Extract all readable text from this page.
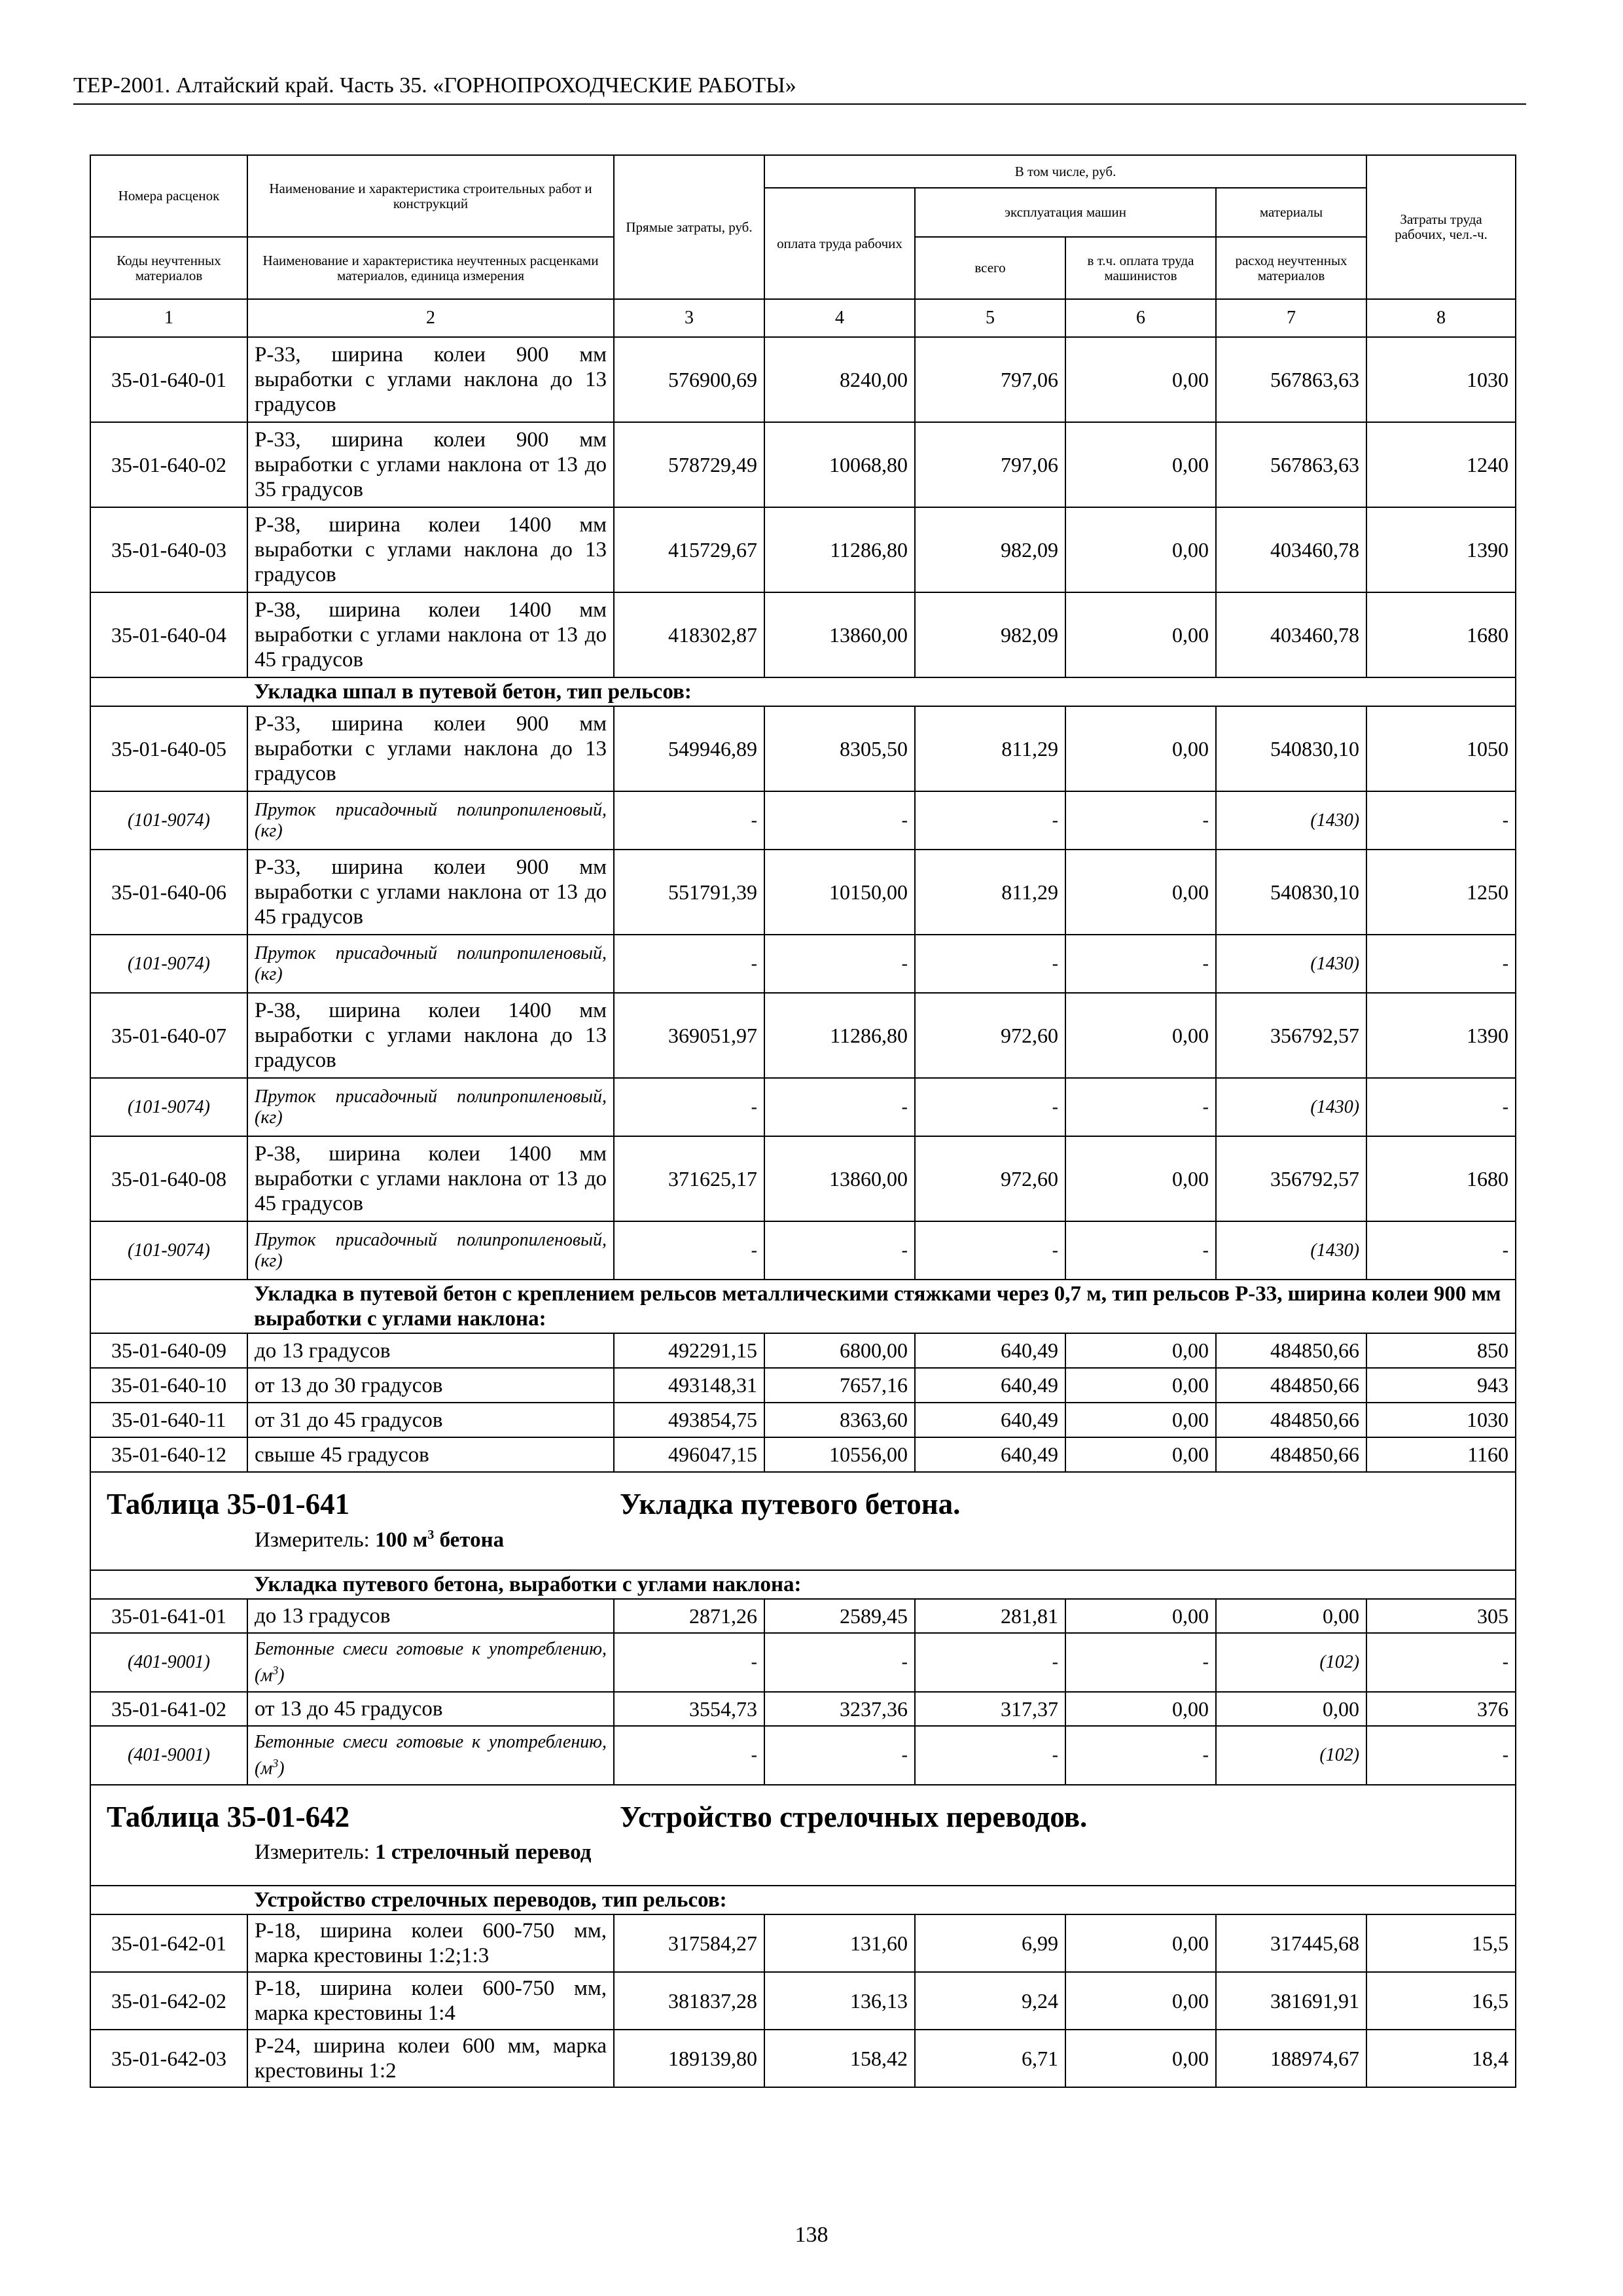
ТЕР-2001. Алтайский край. Часть 35. «ГОРНОПРОХОДЧЕСКИЕ РАБОТЫ»
Номера расценок	Наименование и характеристика строительных работ и конструкций	Прямые затраты, руб.	В том числе, руб.				Затраты труда рабочих, чел.-ч.
			оплата труда рабочих	эксплуатация машин		материалы	
Коды неучтенных материалов	Наименование и характеристика неучтенных расценками материалов, единица измерения			всего	в т.ч. оплата труда машинистов	расход неучтенных материалов	
1	2	3	4	5	6	7	8
35-01-640-01	Р-33, ширина колеи 900 мм выработки с углами наклона до 13 градусов	576900,69	8240,00	797,06	0,00	567863,63	1030
35-01-640-02	Р-33, ширина колеи 900 мм выработки с углами наклона от 13 до 35 градусов	578729,49	10068,80	797,06	0,00	567863,63	1240
35-01-640-03	Р-38, ширина колеи 1400 мм выработки с углами наклона до 13 градусов	415729,67	11286,80	982,09	0,00	403460,78	1390
35-01-640-04	Р-38, ширина колеи 1400 мм выработки с углами наклона от 13 до 45 градусов	418302,87	13860,00	982,09	0,00	403460,78	1680
	Укладка шпал в путевой бетон, тип рельсов:						
35-01-640-05	Р-33, ширина колеи 900 мм выработки с углами наклона до 13 градусов	549946,89	8305,50	811,29	0,00	540830,10	1050
(101-9074)	Пруток присадочный полипропиленовый, (кг)	-	-	-	-	(1430)	-
35-01-640-06	Р-33, ширина колеи 900 мм выработки с углами наклона от 13 до 45 градусов	551791,39	10150,00	811,29	0,00	540830,10	1250
(101-9074)	Пруток присадочный полипропиленовый, (кг)	-	-	-	-	(1430)	-
35-01-640-07	Р-38, ширина колеи 1400 мм выработки с углами наклона до 13 градусов	369051,97	11286,80	972,60	0,00	356792,57	1390
(101-9074)	Пруток присадочный полипропиленовый, (кг)	-	-	-	-	(1430)	-
35-01-640-08	Р-38, ширина колеи 1400 мм выработки с углами наклона от 13 до 45 градусов	371625,17	13860,00	972,60	0,00	356792,57	1680
(101-9074)	Пруток присадочный полипропиленовый, (кг)	-	-	-	-	(1430)	-
	Укладка в путевой бетон с креплением рельсов металлическими стяжками через 0,7 м, тип рельсов Р-33, ширина колеи 900 мм выработки с углами наклона:						
35-01-640-09	до 13 градусов	492291,15	6800,00	640,49	0,00	484850,66	850
35-01-640-10	от 13 до 30 градусов	493148,31	7657,16	640,49	0,00	484850,66	943
35-01-640-11	от 31 до 45 градусов	493854,75	8363,60	640,49	0,00	484850,66	1030
35-01-640-12	свыше 45 градусов	496047,15	10556,00	640,49	0,00	484850,66	1160

Таблица 35-01-641 Укладка путевого бетона.
Измеритель: 100 $м^3$ бетона							

	Укладка путевого бетона, выработки с углами наклона:						
35-01-641-01	до 13 градусов	2871,26	2589,45	281,81	0,00	0,00	305
(401-9001)	Бетонные смеси готовые к употреблению, $(м^3)$	-	-	-	-	(102)	-
35-01-641-02	от 13 до 45 градусов	3554,73	3237,36	317,37	0,00	0,00	376
(401-9001)	Бетонные смеси готовые к употреблению, $(м^3)$	-	-	-	-	(102)	-

Таблица 35-01-642 Устройство стрелочных переводов.
Измеритель: 1 стрелочный перевод							

	Устройство стрелочных переводов, тип рельсов:						
35-01-642-01	Р-18, ширина колеи 600-750 мм, марка крестовины 1:2;1:3	317584,27	131,60	6,99	0,00	317445,68	15,5
35-01-642-02	Р-18, ширина колеи 600-750 мм, марка крестовины 1:4	381837,28	136,13	9,24	0,00	381691,91	16,5
35-01-642-03	Р-24, ширина колеи 600 мм, марка крестовины 1:2	189139,80	158,42	6,71	0,00	188974,67	18,4
138
